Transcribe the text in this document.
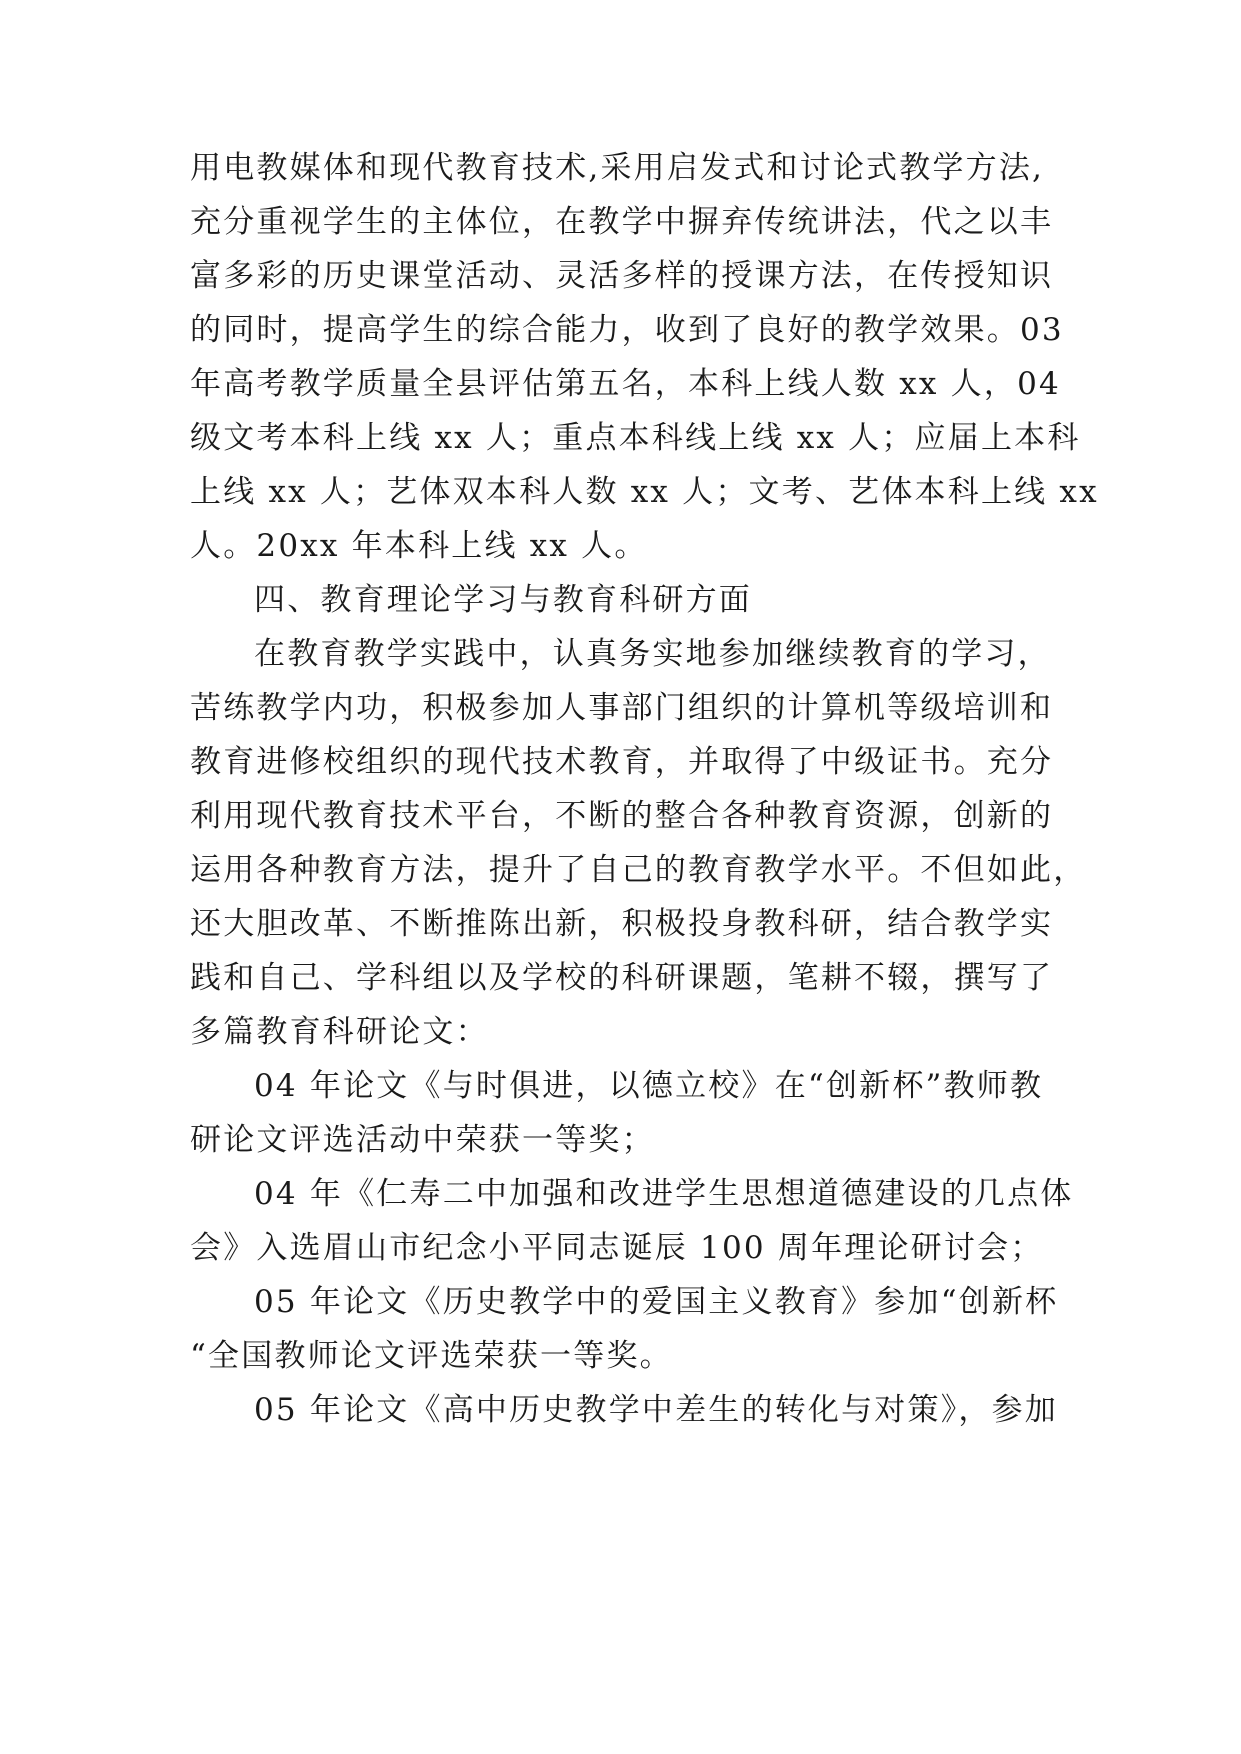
用电教媒体和现代教育技术,采用启发式和讨论式教学方法,
充分重视学生的主体位，在教学中摒弃传统讲法，代之以丰
富多彩的历史课堂活动、灵活多样的授课方法，在传授知识
的同时，提高学生的综合能力，收到了良好的教学效果。03
年高考教学质量全县评估第五名，本科上线人数 xx 人，04
级文考本科上线 xx 人；重点本科线上线 xx 人；应届上本科
上线 xx 人；艺体双本科人数 xx 人；文考、艺体本科上线 xx
人。20xx 年本科上线 xx 人。
四、教育理论学习与教育科研方面
在教育教学实践中，认真务实地参加继续教育的学习，
苦练教学内功，积极参加人事部门组织的计算机等级培训和
教育进修校组织的现代技术教育，并取得了中级证书。充分
利用现代教育技术平台，不断的整合各种教育资源，创新的
运用各种教育方法，提升了自己的教育教学水平。不但如此，
还大胆改革、不断推陈出新，积极投身教科研，结合教学实
践和自己、学科组以及学校的科研课题，笔耕不辍，撰写了
多篇教育科研论文：
04 年论文《与时俱进，以德立校》在“创新杯”教师教
研论文评选活动中荣获一等奖；
04 年《仁寿二中加强和改进学生思想道德建设的几点体
会》入选眉山市纪念小平同志诞辰 100 周年理论研讨会；
05 年论文《历史教学中的爱国主义教育》参加“创新杯
“全国教师论文评选荣获一等奖。
05 年论文《高中历史教学中差生的转化与对策》，参加
